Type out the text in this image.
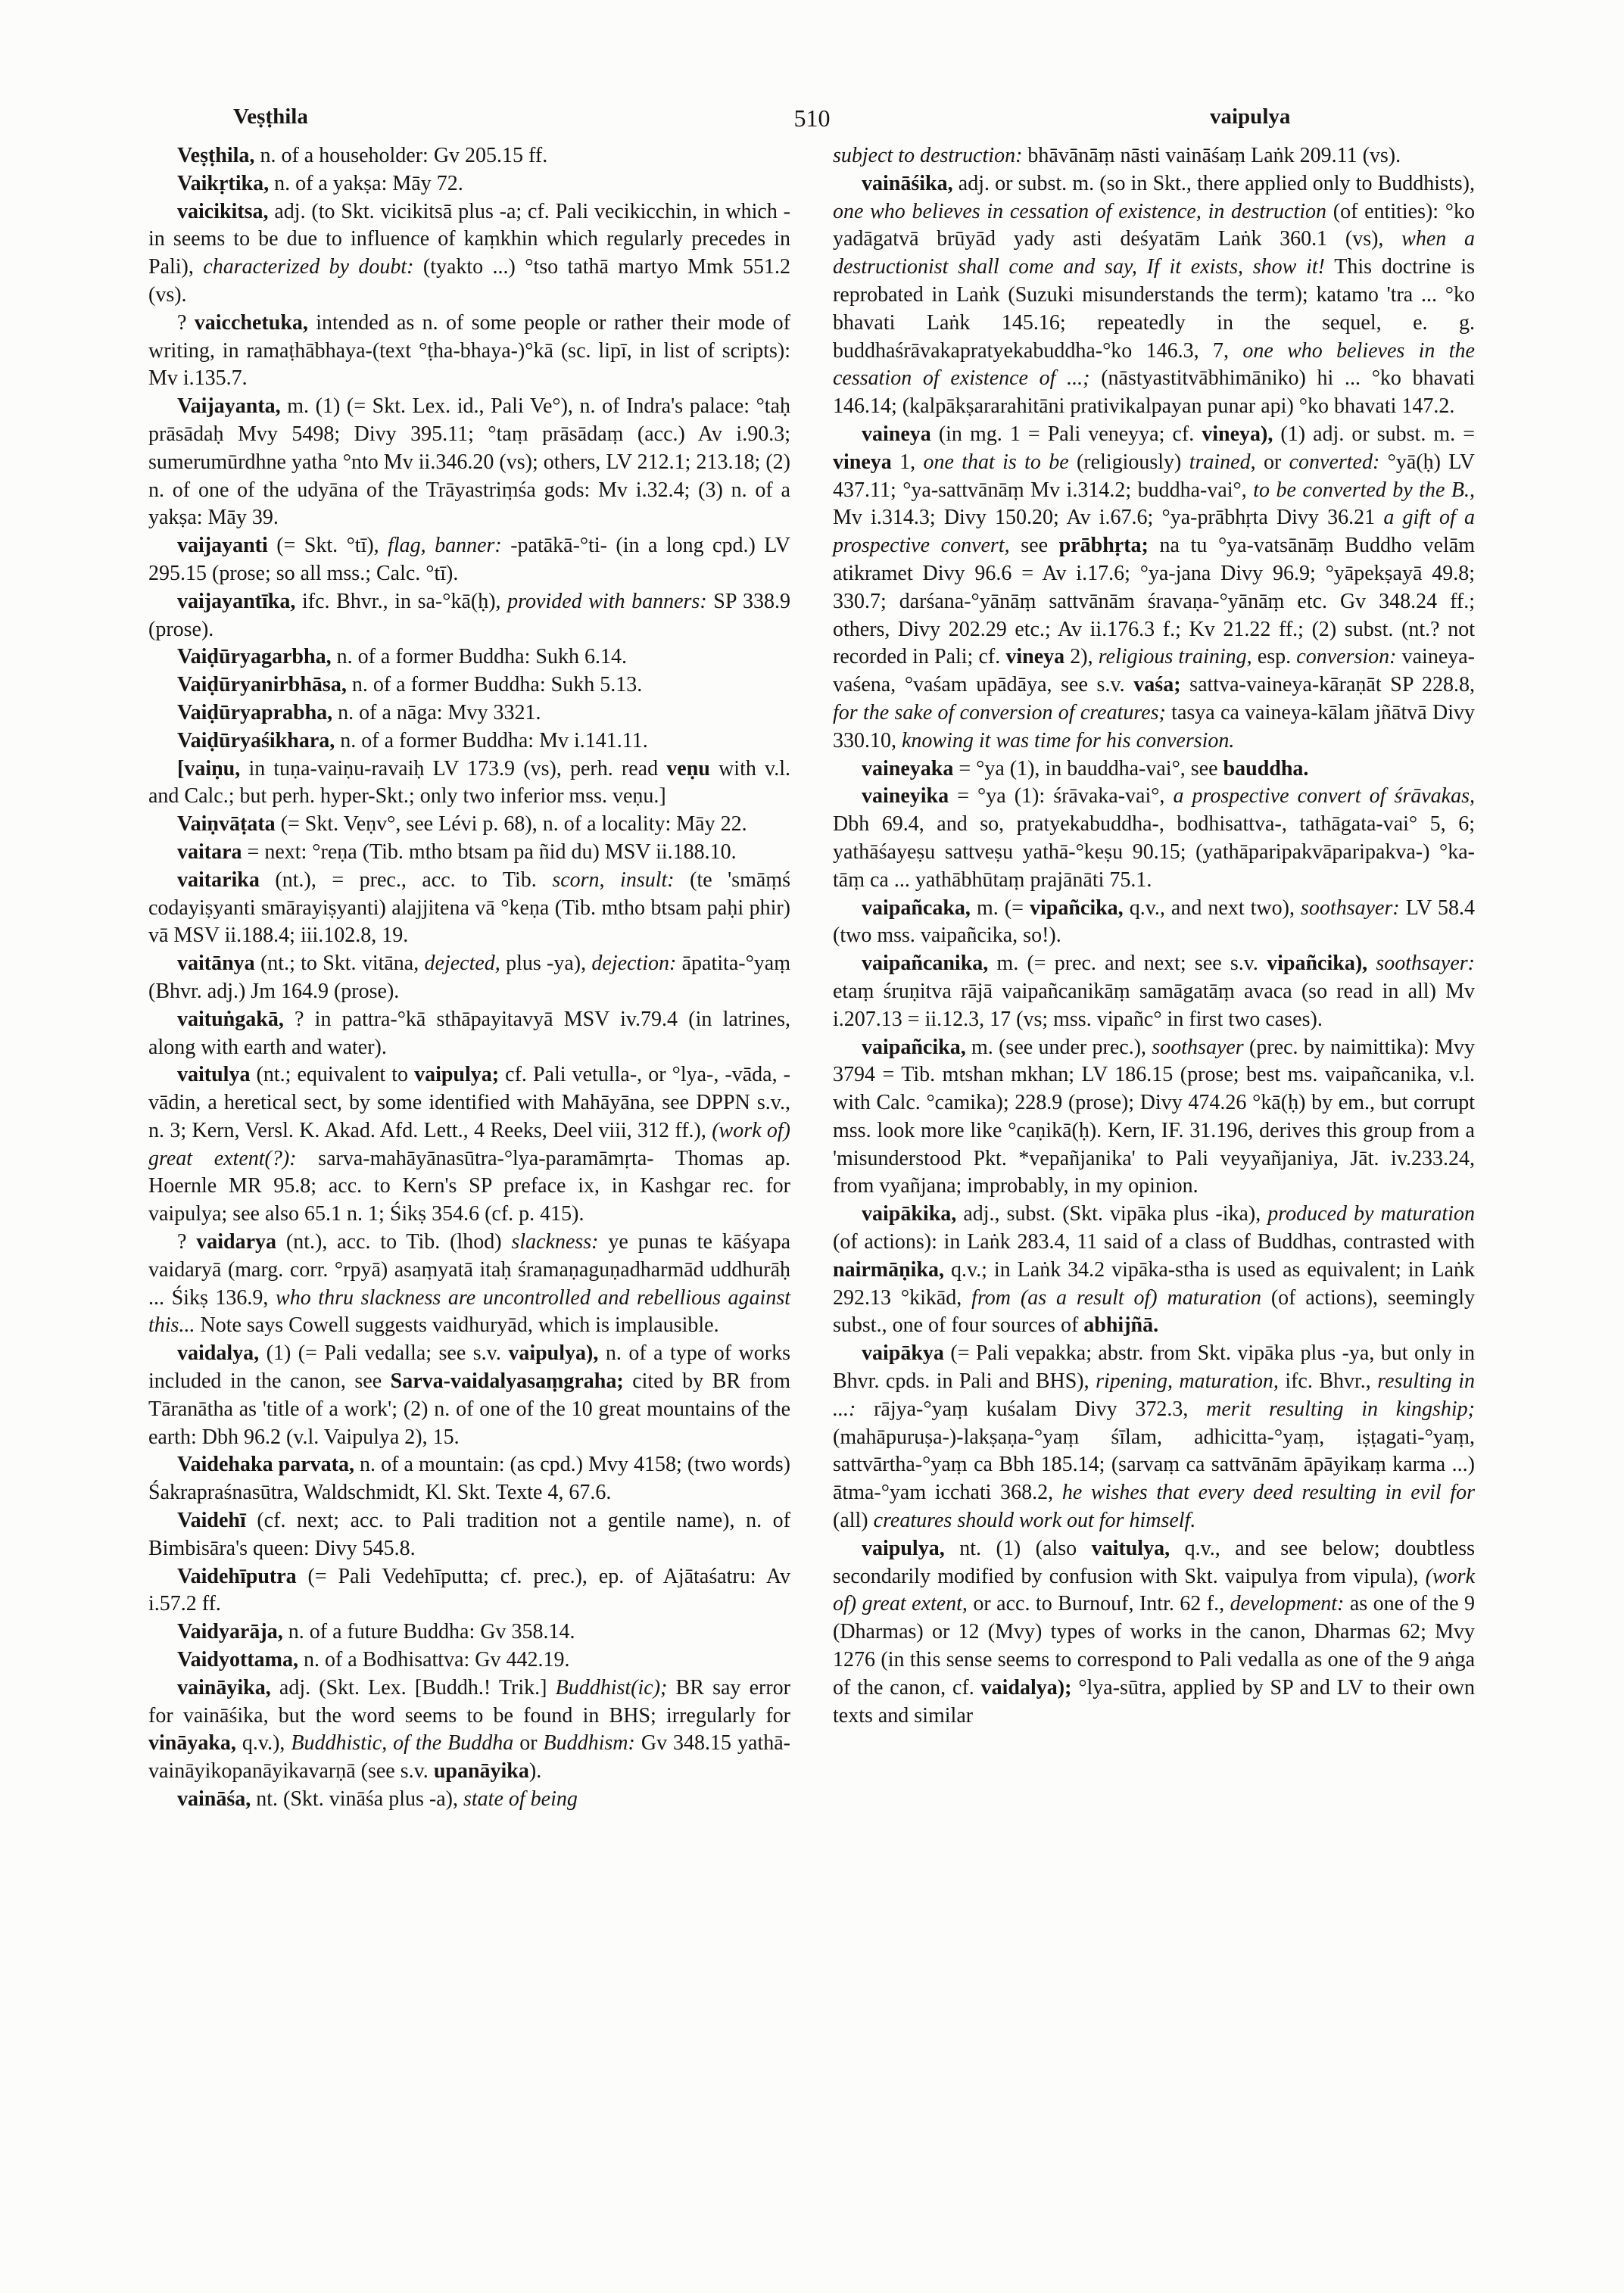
Veṣṭhila	510	vaipulya

Veṣṭhila, n. of a householder: Gv 205.15 ff.

Vaikṛtika, n. of a yakṣa: Māy 72.

vaicikitsa, adj. (to Skt. vicikitsā plus -a; cf. Pali vecikicchin, in which -in seems to be due to influence of kaṃkhin which regularly precedes in Pali), characterized by doubt: (tyakto ...) °tso tathā martyo Mmk 551.2 (vs).

? vaicchetuka, intended as n. of some people or rather their mode of writing, in ramaṭhābhaya-(text °ṭha-bhaya-)°kā (sc. lipī, in list of scripts): Mv i.135.7.

Vaijayanta, m. (1) (= Skt. Lex. id., Pali Ve°), n. of Indra's palace: °taḥ prāsādaḥ Mvy 5498; Divy 395.11; °taṃ prāsādaṃ (acc.) Av i.90.3; sumerumūrdhne yatha °nto Mv ii.346.20 (vs); others, LV 212.1; 213.18; (2) n. of one of the udyāna of the Trāyastriṃśa gods: Mv i.32.4; (3) n. of a yakṣa: Māy 39.

vaijayanti (= Skt. °tī), flag, banner: -patākā-°ti- (in a long cpd.) LV 295.15 (prose; so all mss.; Calc. °tī).

vaijayantīka, ifc. Bhvr., in sa-°kā(ḥ), provided with banners: SP 338.9 (prose).

Vaiḍūryagarbha, n. of a former Buddha: Sukh 6.14.

Vaiḍūryanirbhāsa, n. of a former Buddha: Sukh 5.13.

Vaiḍūryaprabha, n. of a nāga: Mvy 3321.

Vaiḍūryaśikhara, n. of a former Buddha: Mv i.141.11.

[vaiṇu, in tuṇa-vaiṇu-ravaiḥ LV 173.9 (vs), perh. read veṇu with v.l. and Calc.; but perh. hyper-Skt.; only two inferior mss. veṇu.]

Vaiṇvāṭata (= Skt. Veṇv°, see Lévi p. 68), n. of a locality: Māy 22.

vaitara = next: °reṇa (Tib. mtho btsam pa ñid du) MSV ii.188.10.

vaitarika (nt.), = prec., acc. to Tib. scorn, insult: (te 'smāṃś codayiṣyanti smārayiṣyanti) alajjitena vā °keṇa (Tib. mtho btsam paḥi phir) vā MSV ii.188.4; iii.102.8, 19.

vaitānya (nt.; to Skt. vitāna, dejected, plus -ya), dejection: āpatita-°yaṃ (Bhvr. adj.) Jm 164.9 (prose).

vaituṅgakā, ? in pattra-°kā sthāpayitavyā MSV iv.79.4 (in latrines, along with earth and water).

vaitulya (nt.; equivalent to vaipulya; cf. Pali vetulla-, or °lya-, -vāda, -vādin, a heretical sect, by some identified with Mahāyāna, see DPPN s.v., n. 3; Kern, Versl. K. Akad. Afd. Lett., 4 Reeks, Deel viii, 312 ff.), (work of) great extent(?): sarva-mahāyānasūtra-°lya-paramāmṛta- Thomas ap. Hoernle MR 95.8; acc. to Kern's SP preface ix, in Kashgar rec. for vaipulya; see also 65.1 n. 1; Śikṣ 354.6 (cf. p. 415).

? vaidarya (nt.), acc. to Tib. (lhod) slackness: ye punas te kāśyapa vaidaryā (marg. corr. °rpyā) asaṃyatā itaḥ śramaṇaguṇadharmād uddhurāḥ ... Śikṣ 136.9, who thru slackness are uncontrolled and rebellious against this... Note says Cowell suggests vaidhuryād, which is implausible.

vaidalya, (1) (= Pali vedalla; see s.v. vaipulya), n. of a type of works included in the canon, see Sarva-vaidalyasaṃgraha; cited by BR from Tāranātha as 'title of a work'; (2) n. of one of the 10 great mountains of the earth: Dbh 96.2 (v.l. Vaipulya 2), 15.

Vaidehaka parvata, n. of a mountain: (as cpd.) Mvy 4158; (two words) Śakrapraśnasūtra, Waldschmidt, Kl. Skt. Texte 4, 67.6.

Vaidehī (cf. next; acc. to Pali tradition not a gentile name), n. of Bimbisāra's queen: Divy 545.8.

Vaidehīputra (= Pali Vedehīputta; cf. prec.), ep. of Ajātaśatru: Av i.57.2 ff.

Vaidyarāja, n. of a future Buddha: Gv 358.14.

Vaidyottama, n. of a Bodhisattva: Gv 442.19.

vaināyika, adj. (Skt. Lex. [Buddh.! Trik.] Buddhist(ic); BR say error for vaināśika, but the word seems to be found in BHS; irregularly for vināyaka, q.v.), Buddhistic, of the Buddha or Buddhism: Gv 348.15 yathā-vaināyikopanāyikavarṇā (see s.v. upanāyika).

vaināśa, nt. (Skt. vināśa plus -a), state of being

subject to destruction: bhāvānāṃ nāsti vaināśaṃ Laṅk 209.11 (vs).

vaināśika, adj. or subst. m. (so in Skt., there applied only to Buddhists), one who believes in cessation of existence, in destruction (of entities): °ko yadāgatvā brūyād yady asti deśyatām Laṅk 360.1 (vs), when a destructionist shall come and say, If it exists, show it! This doctrine is reprobated in Laṅk (Suzuki misunderstands the term); katamo 'tra ... °ko bhavati Laṅk 145.16; repeatedly in the sequel, e. g. buddhaśrāvakapratyekabuddha-°ko 146.3, 7, one who believes in the cessation of existence of ...; (nāstyastitvābhimāniko) hi ... °ko bhavati 146.14; (kalpākṣararahitāni prativikalpayan punar api) °ko bhavati 147.2.

vaineya (in mg. 1 = Pali veneyya; cf. vineya), (1) adj. or subst. m. = vineya 1, one that is to be (religiously) trained, or converted: °yā(ḥ) LV 437.11; °ya-sattvānāṃ Mv i.314.2; buddha-vai°, to be converted by the B., Mv i.314.3; Divy 150.20; Av i.67.6; °ya-prābhṛta Divy 36.21 a gift of a prospective convert, see prābhṛta; na tu °ya-vatsānāṃ Buddho velām atikramet Divy 96.6 = Av i.17.6; °ya-jana Divy 96.9; °yāpekṣayā 49.8; 330.7; darśana-°yānāṃ sattvānām śravaṇa-°yānāṃ etc. Gv 348.24 ff.; others, Divy 202.29 etc.; Av ii.176.3 f.; Kv 21.22 ff.; (2) subst. (nt.? not recorded in Pali; cf. vineya 2), religious training, esp. conversion: vaineya-vaśena, °vaśam upādāya, see s.v. vaśa; sattva-vaineya-kāraṇāt SP 228.8, for the sake of conversion of creatures; tasya ca vaineya-kālam jñātvā Divy 330.10, knowing it was time for his conversion.

vaineyaka = °ya (1), in bauddha-vai°, see bauddha.

vaineyika = °ya (1): śrāvaka-vai°, a prospective convert of śrāvakas, Dbh 69.4, and so, pratyekabuddha-, bodhisattva-, tathāgata-vai° 5, 6; yathāśayeṣu sattveṣu yathā-°keṣu 90.15; (yathāparipakvāparipakva-) °ka-tāṃ ca ... yathābhūtaṃ prajānāti 75.1.

vaipañcaka, m. (= vipañcika, q.v., and next two), soothsayer: LV 58.4 (two mss. vaipañcika, so!).

vaipañcanika, m. (= prec. and next; see s.v. vipañcika), soothsayer: etaṃ śruṇitva rājā vaipañcanikāṃ samāgatāṃ avaca (so read in all) Mv i.207.13 = ii.12.3, 17 (vs; mss. vipañc° in first two cases).

vaipañcika, m. (see under prec.), soothsayer (prec. by naimittika): Mvy 3794 = Tib. mtshan mkhan; LV 186.15 (prose; best ms. vaipañcanika, v.l. with Calc. °camika); 228.9 (prose); Divy 474.26 °kā(ḥ) by em., but corrupt mss. look more like °caṇikā(ḥ). Kern, IF. 31.196, derives this group from a 'misunderstood Pkt. *vepañjanika' to Pali veyyañjaniya, Jāt. iv.233.24, from vyañjana; improbably, in my opinion.

vaipākika, adj., subst. (Skt. vipāka plus -ika), produced by maturation (of actions): in Laṅk 283.4, 11 said of a class of Buddhas, contrasted with nairmāṇika, q.v.; in Laṅk 34.2 vipāka-stha is used as equivalent; in Laṅk 292.13 °kikād, from (as a result of) maturation (of actions), seemingly subst., one of four sources of abhijñā.

vaipākya (= Pali vepakka; abstr. from Skt. vipāka plus -ya, but only in Bhvr. cpds. in Pali and BHS), ripening, maturation, ifc. Bhvr., resulting in ...: rājya-°yaṃ kuśalam Divy 372.3, merit resulting in kingship; (mahāpuruṣa-)-lakṣaṇa-°yaṃ śīlam, adhicitta-°yaṃ, iṣṭagati-°yaṃ, sattvārtha-°yaṃ ca Bbh 185.14; (sarvaṃ ca sattvānām āpāyikaṃ karma ...) ātma-°yam icchati 368.2, he wishes that every deed resulting in evil for (all) creatures should work out for himself.

vaipulya, nt. (1) (also vaitulya, q.v., and see below; doubtless secondarily modified by confusion with Skt. vaipulya from vipula), (work of) great extent, or acc. to Burnouf, Intr. 62 f., development: as one of the 9 (Dharmas) or 12 (Mvy) types of works in the canon, Dharmas 62; Mvy 1276 (in this sense seems to correspond to Pali vedalla as one of the 9 aṅga of the canon, cf. vaidalya); °lya-sūtra, applied by SP and LV to their own texts and similar
